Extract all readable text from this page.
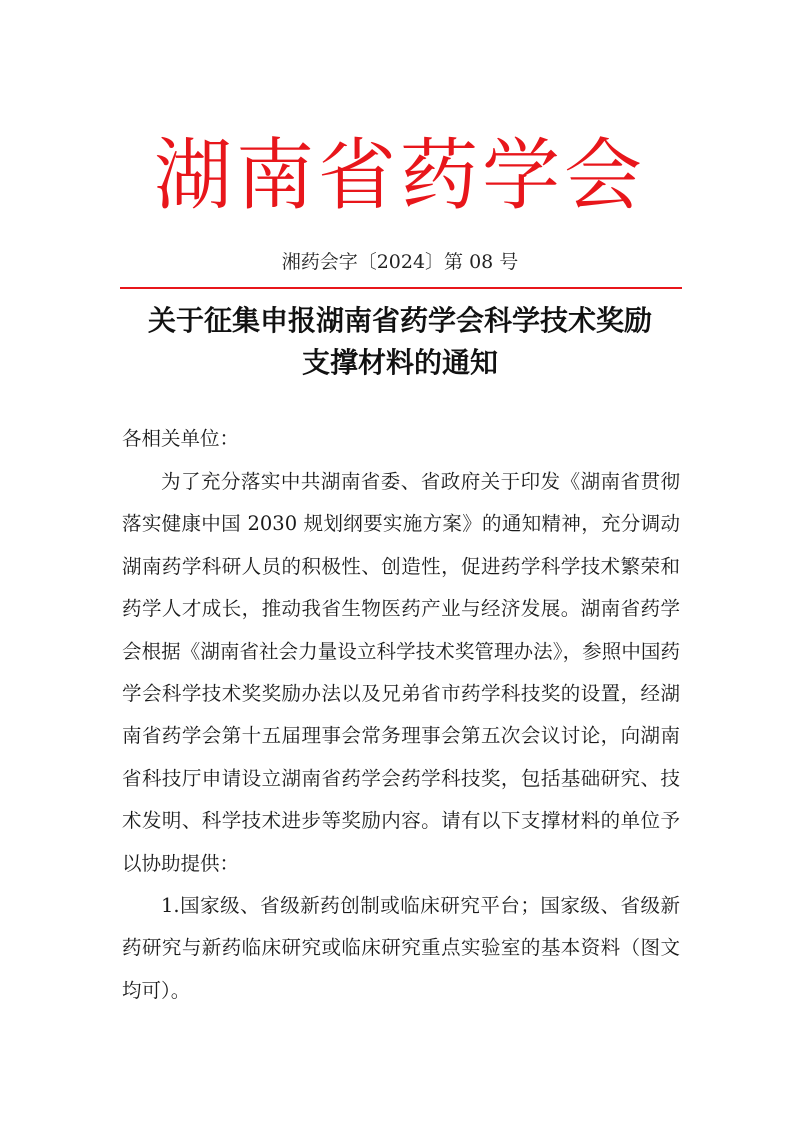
湖南省药学会
湘药会字〔2024〕第 08 号
关于征集申报湖南省药学会科学技术奖励
支撑材料的通知
各相关单位：

为了充分落实中共湖南省委、省政府关于印发《湖南省贯彻落实健康中国 2030 规划纲要实施方案》的通知精神，充分调动湖南药学科研人员的积极性、创造性，促进药学科学技术繁荣和药学人才成长，推动我省生物医药产业与经济发展。湖南省药学会根据《湖南省社会力量设立科学技术奖管理办法》，参照中国药学会科学技术奖奖励办法以及兄弟省市药学科技奖的设置，经湖南省药学会第十五届理事会常务理事会第五次会议讨论，向湖南省科技厅申请设立湖南省药学会药学科技奖，包括基础研究、技术发明、科学技术进步等奖励内容。请有以下支撑材料的单位予以协助提供：

1.国家级、省级新药创制或临床研究平台；国家级、省级新药研究与新药临床研究或临床研究重点实验室的基本资料（图文均可）。
